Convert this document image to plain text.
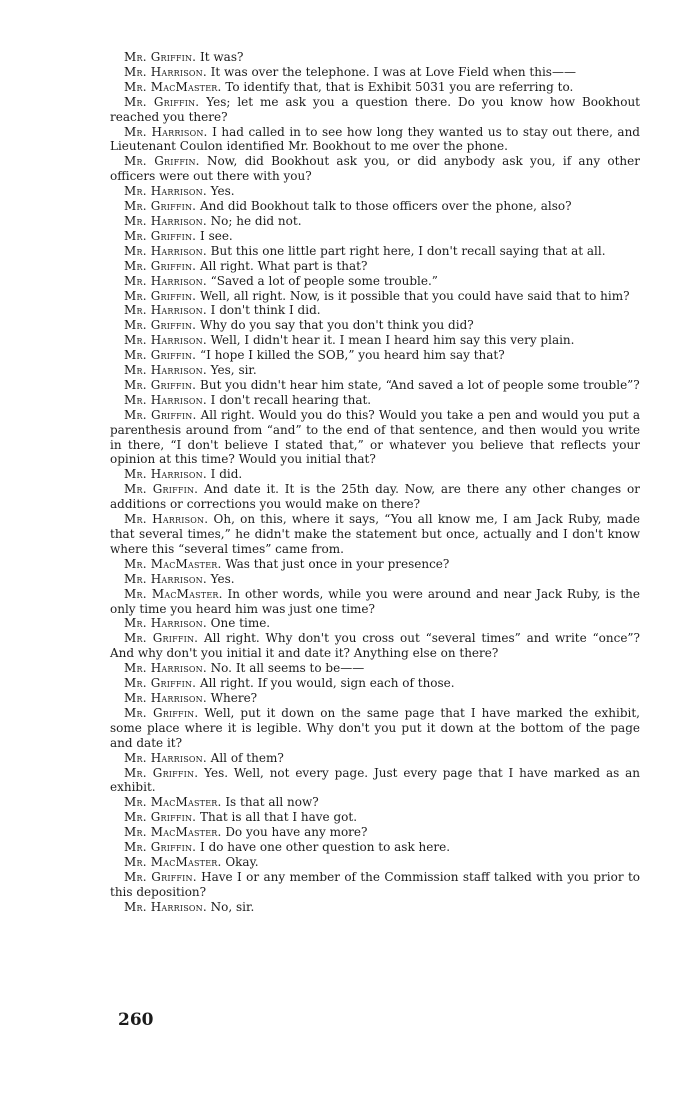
Mr. Griffin. It was?

Mr. Harrison. It was over the telephone. I was at Love Field when this——

Mr. MacMaster. To identify that, that is Exhibit 5031 you are referring to.

Mr. Griffin. Yes; let me ask you a question there. Do you know how Bookhout reached you there?

Mr. Harrison. I had called in to see how long they wanted us to stay out there, and Lieutenant Coulon identified Mr. Bookhout to me over the phone.

Mr. Griffin. Now, did Bookhout ask you, or did anybody ask you, if any other officers were out there with you?

Mr. Harrison. Yes.

Mr. Griffin. And did Bookhout talk to those officers over the phone, also?

Mr. Harrison. No; he did not.

Mr. Griffin. I see.

Mr. Harrison. But this one little part right here, I don't recall saying that at all.

Mr. Griffin. All right. What part is that?

Mr. Harrison. “Saved a lot of people some trouble.”

Mr. Griffin. Well, all right. Now, is it possible that you could have said that to him?

Mr. Harrison. I don't think I did.

Mr. Griffin. Why do you say that you don't think you did?

Mr. Harrison. Well, I didn't hear it. I mean I heard him say this very plain.

Mr. Griffin. “I hope I killed the SOB,” you heard him say that?

Mr. Harrison. Yes, sir.

Mr. Griffin. But you didn't hear him state, “And saved a lot of people some trouble”?

Mr. Harrison. I don't recall hearing that.

Mr. Griffin. All right. Would you do this? Would you take a pen and would you put a parenthesis around from “and” to the end of that sentence, and then would you write in there, “I don't believe I stated that,” or whatever you believe that reflects your opinion at this time? Would you initial that?

Mr. Harrison. I did.

Mr. Griffin. And date it. It is the 25th day. Now, are there any other changes or additions or corrections you would make on there?

Mr. Harrison. Oh, on this, where it says, “You all know me, I am Jack Ruby, made that several times,” he didn't make the statement but once, actually and I don't know where this “several times” came from.

Mr. MacMaster. Was that just once in your presence?

Mr. Harrison. Yes.

Mr. MacMaster. In other words, while you were around and near Jack Ruby, is the only time you heard him was just one time?

Mr. Harrison. One time.

Mr. Griffin. All right. Why don't you cross out “several times” and write “once”? And why don't you initial it and date it? Anything else on there?

Mr. Harrison. No. It all seems to be——

Mr. Griffin. All right. If you would, sign each of those.

Mr. Harrison. Where?

Mr. Griffin. Well, put it down on the same page that I have marked the exhibit, some place where it is legible. Why don't you put it down at the bottom of the page and date it?

Mr. Harrison. All of them?

Mr. Griffin. Yes. Well, not every page. Just every page that I have marked as an exhibit.

Mr. MacMaster. Is that all now?

Mr. Griffin. That is all that I have got.

Mr. MacMaster. Do you have any more?

Mr. Griffin. I do have one other question to ask here.

Mr. MacMaster. Okay.

Mr. Griffin. Have I or any member of the Commission staff talked with you prior to this deposition?

Mr. Harrison. No, sir.

260
